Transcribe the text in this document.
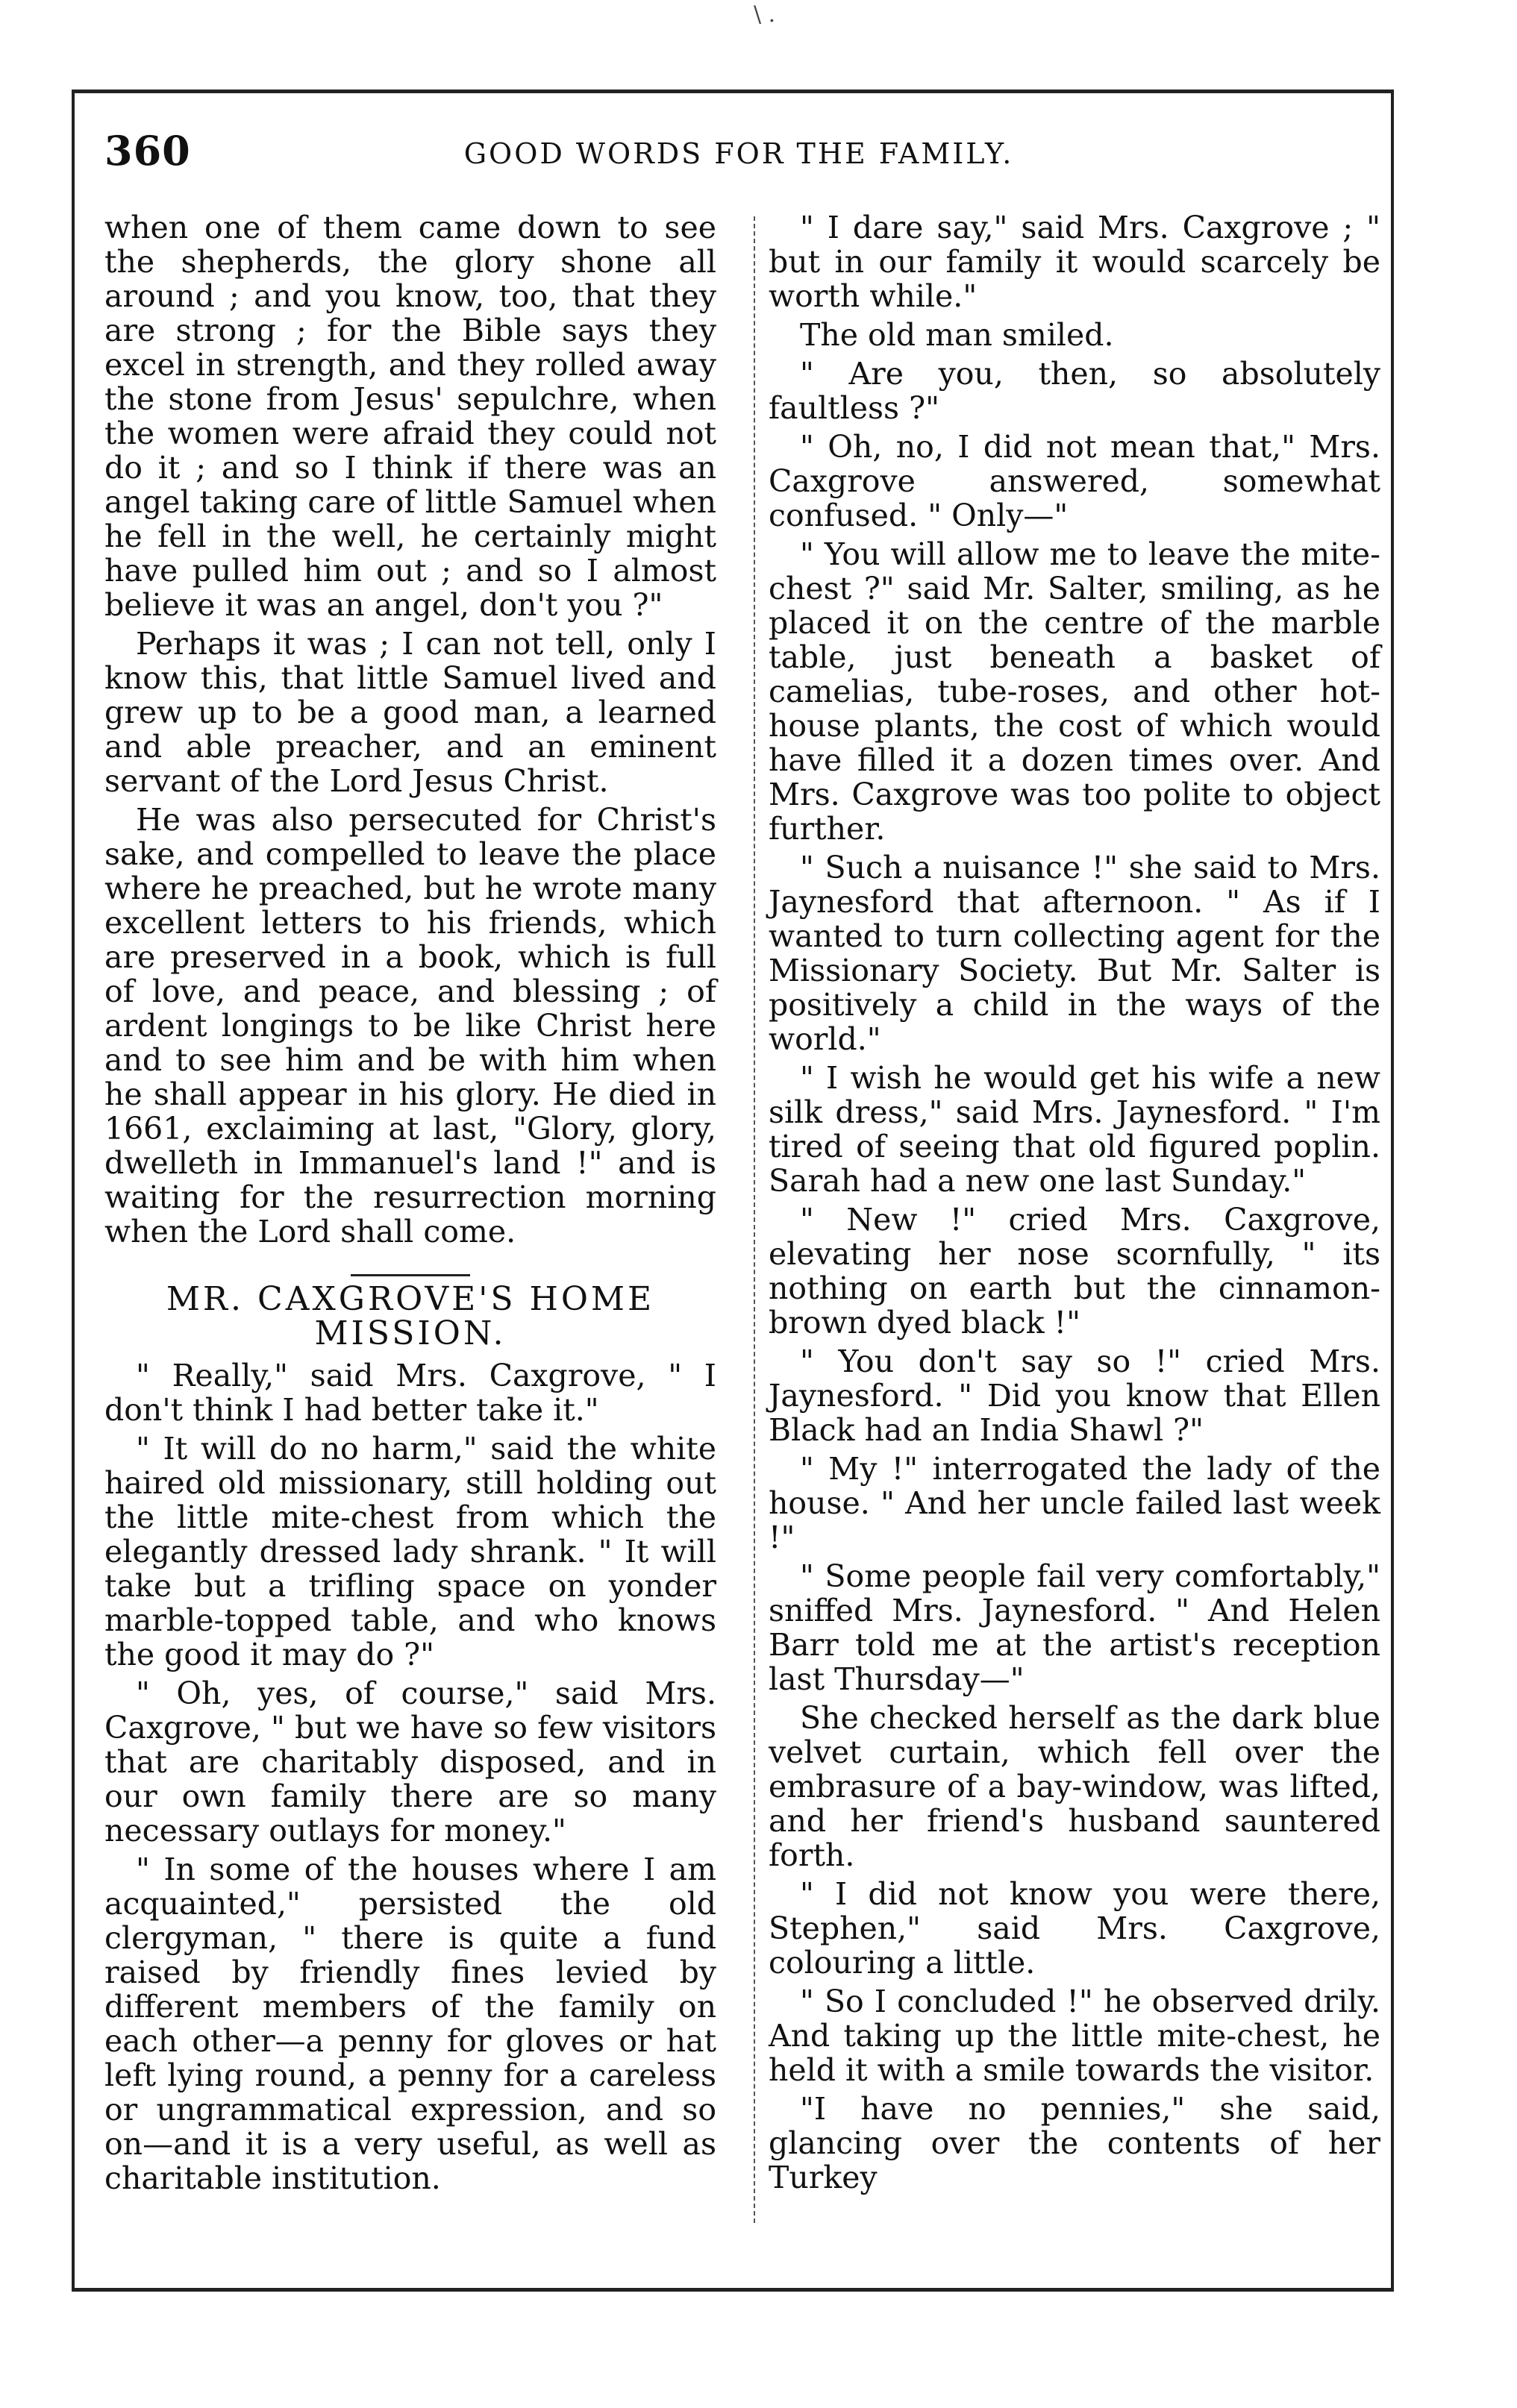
\ .
360	GOOD WORDS FOR THE FAMILY.

when one of them came down to see the shepherds, the glory shone all around ; and you know, too, that they are strong ; for the Bible says they excel in strength, and they rolled away the stone from Jesus' sepulchre, when the women were afraid they could not do it ; and so I think if there was an angel taking care of little Samuel when he fell in the well, he certainly might have pulled him out ; and so I almost believe it was an angel, don't you ?"

Perhaps it was ; I can not tell, only I know this, that little Samuel lived and grew up to be a good man, a learned and able preacher, and an eminent servant of the Lord Jesus Christ.

He was also persecuted for Christ's sake, and compelled to leave the place where he preached, but he wrote many excellent letters to his friends, which are preserved in a book, which is full of love, and peace, and blessing ; of ardent longings to be like Christ here and to see him and be with him when he shall appear in his glory. He died in 1661, exclaiming at last, "Glory, glory, dwelleth in Immanuel's land !" and is waiting for the resurrection morning when the Lord shall come.

MR. CAXGROVE'S HOME MISSION.

" Really," said Mrs. Caxgrove, " I don't think I had better take it."

" It will do no harm," said the white haired old missionary, still holding out the little mite-chest from which the elegantly dressed lady shrank. " It will take but a trifling space on yonder marble-topped table, and who knows the good it may do ?"

" Oh, yes, of course," said Mrs. Caxgrove, " but we have so few visitors that are charitably disposed, and in our own family there are so many necessary outlays for money."

" In some of the houses where I am acquainted," persisted the old clergyman, " there is quite a fund raised by friendly fines levied by different members of the family on each other—a penny for gloves or hat left lying round, a penny for a careless or ungrammatical expression, and so on—and it is a very useful, as well as charitable institution.

" I dare say," said Mrs. Caxgrove ; " but in our family it would scarcely be worth while."

The old man smiled.

" Are you, then, so absolutely faultless ?"

" Oh, no, I did not mean that," Mrs. Caxgrove answered, somewhat confused. " Only—"

" You will allow me to leave the mite-chest ?" said Mr. Salter, smiling, as he placed it on the centre of the marble table, just beneath a basket of camelias, tube-roses, and other hot-house plants, the cost of which would have filled it a dozen times over. And Mrs. Caxgrove was too polite to object further.

" Such a nuisance !" she said to Mrs. Jaynesford that afternoon. " As if I wanted to turn collecting agent for the Missionary Society. But Mr. Salter is positively a child in the ways of the world."

" I wish he would get his wife a new silk dress," said Mrs. Jaynesford. " I'm tired of seeing that old figured poplin. Sarah had a new one last Sunday."

" New !" cried Mrs. Caxgrove, elevating her nose scornfully, " its nothing on earth but the cinnamon-brown dyed black !"

" You don't say so !" cried Mrs. Jaynesford. " Did you know that Ellen Black had an India Shawl ?"

" My !" interrogated the lady of the house. " And her uncle failed last week !"

" Some people fail very comfortably," sniffed Mrs. Jaynesford. " And Helen Barr told me at the artist's reception last Thursday—"

She checked herself as the dark blue velvet curtain, which fell over the embrasure of a bay-window, was lifted, and her friend's husband sauntered forth.

" I did not know you were there, Stephen," said Mrs. Caxgrove, colouring a little.

" So I concluded !" he observed drily. And taking up the little mite-chest, he held it with a smile towards the visitor.

"I have no pennies," she said, glancing over the contents of her Turkey
